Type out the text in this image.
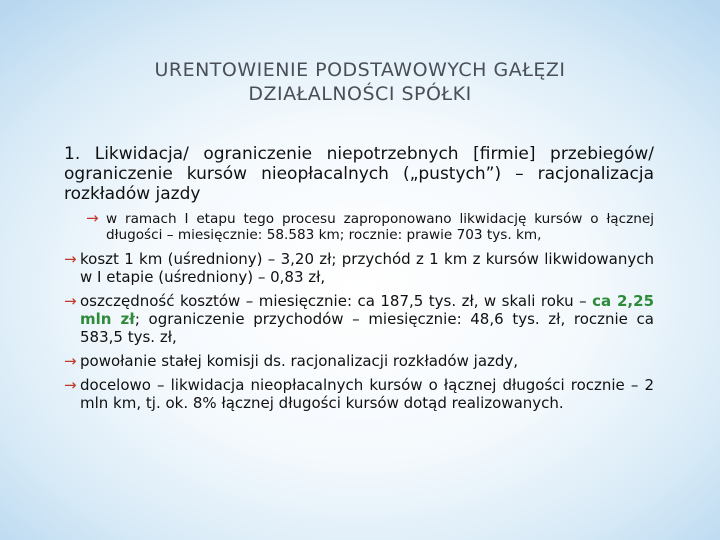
URENTOWIENIE PODSTAWOWYCH GAŁĘZI
DZIAŁALNOŚCI SPÓŁKI

1. Likwidacja/ ograniczenie niepotrzebnych [firmie] przebiegów/ ograniczenie kursów nieopłacalnych („pustych”) – racjonalizacja rozkładów jazdy

→ w ramach I etapu tego procesu zaproponowano likwidację kursów o łącznej długości – miesięcznie: 58.583 km; rocznie: prawie 703 tys. km,
→ koszt 1 km (uśredniony) – 3,20 zł; przychód z 1 km z kursów likwidowanych w I etapie (uśredniony) – 0,83 zł,
→ oszczędność kosztów – miesięcznie: ca 187,5 tys. zł, w skali roku – ca 2,25 mln zł; ograniczenie przychodów – miesięcznie: 48,6 tys. zł, rocznie ca 583,5 tys. zł,
→ powołanie stałej komisji ds. racjonalizacji rozkładów jazdy,
→ docelowo – likwidacja nieopłacalnych kursów o łącznej długości rocznie – 2 mln km, tj. ok. 8% łącznej długości kursów dotąd realizowanych.
